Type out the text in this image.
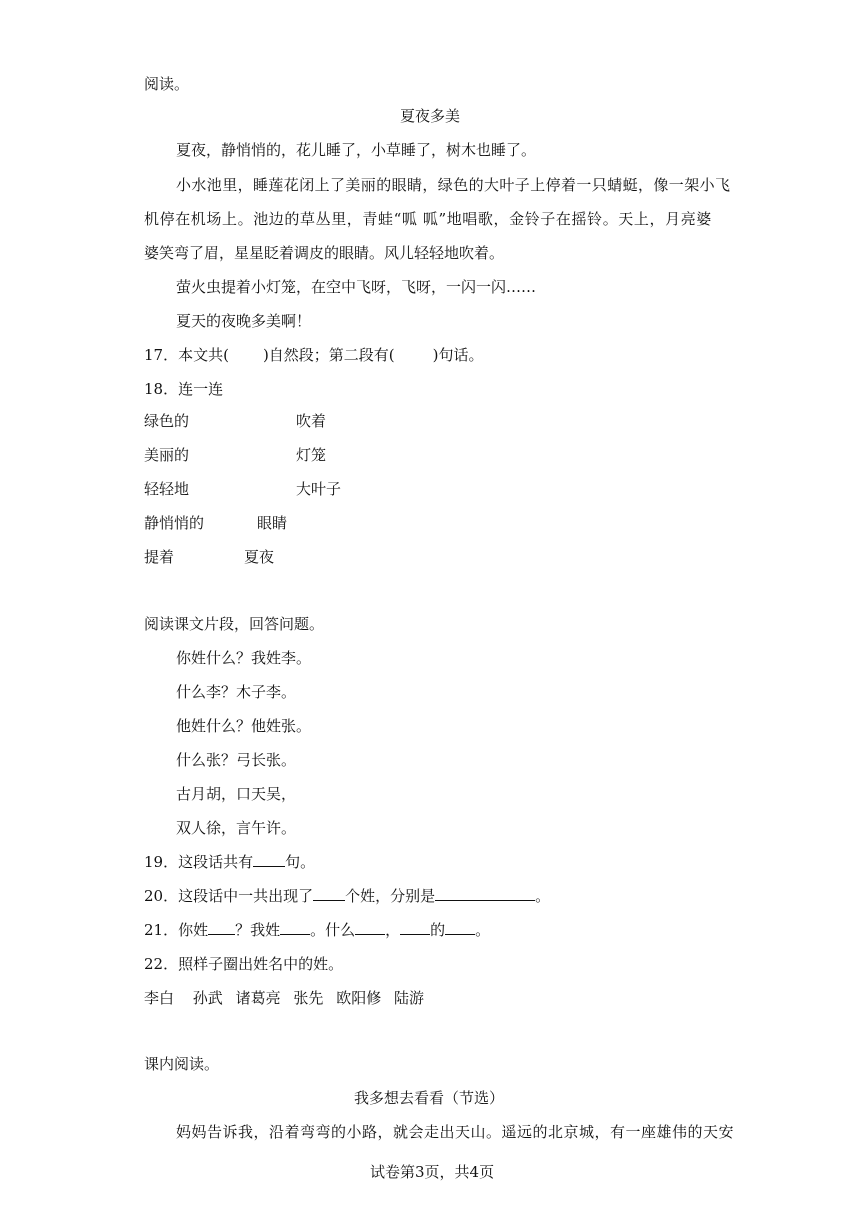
阅读。
夏夜多美
夏夜，静悄悄的，花儿睡了，小草睡了，树木也睡了。
小水池里，睡莲花闭上了美丽的眼睛，绿色的大叶子上停着一只蜻蜓，像一架小飞
机停在机场上。池边的草丛里，青蛙“呱 呱”地唱歌，金铃子在摇铃。天上，月亮婆
婆笑弯了眉，星星眨着调皮的眼睛。风儿轻轻地吹着。
萤火虫提着小灯笼，在空中飞呀，飞呀，一闪一闪……
夏天的夜晚多美啊！
17．本文共( )自然段；第二段有(	)句话。
18．连一连
绿色的	吹着
美丽的	灯笼
轻轻地	大叶子
静悄悄的	眼睛
提着	夏夜
阅读课文片段，回答问题。
你姓什么？我姓李。
什么李？木子李。
他姓什么？他姓张。
什么张？弓长张。
古月胡，口天吴，
双人徐，言午许。
19．这段话共有 句。
20．这段话中一共出现了 个姓，分别是	。
21．你姓 ？我姓 。什么 ， 的 。
22．照样子圈出姓名中的姓。
李白 孙武 诸葛亮 张先 欧阳修 陆游
课内阅读。
我多想去看看（节选）
妈妈告诉我，沿着弯弯的小路，就会走出天山。遥远的北京城，有一座雄伟的天安
试卷第3页，共4页
